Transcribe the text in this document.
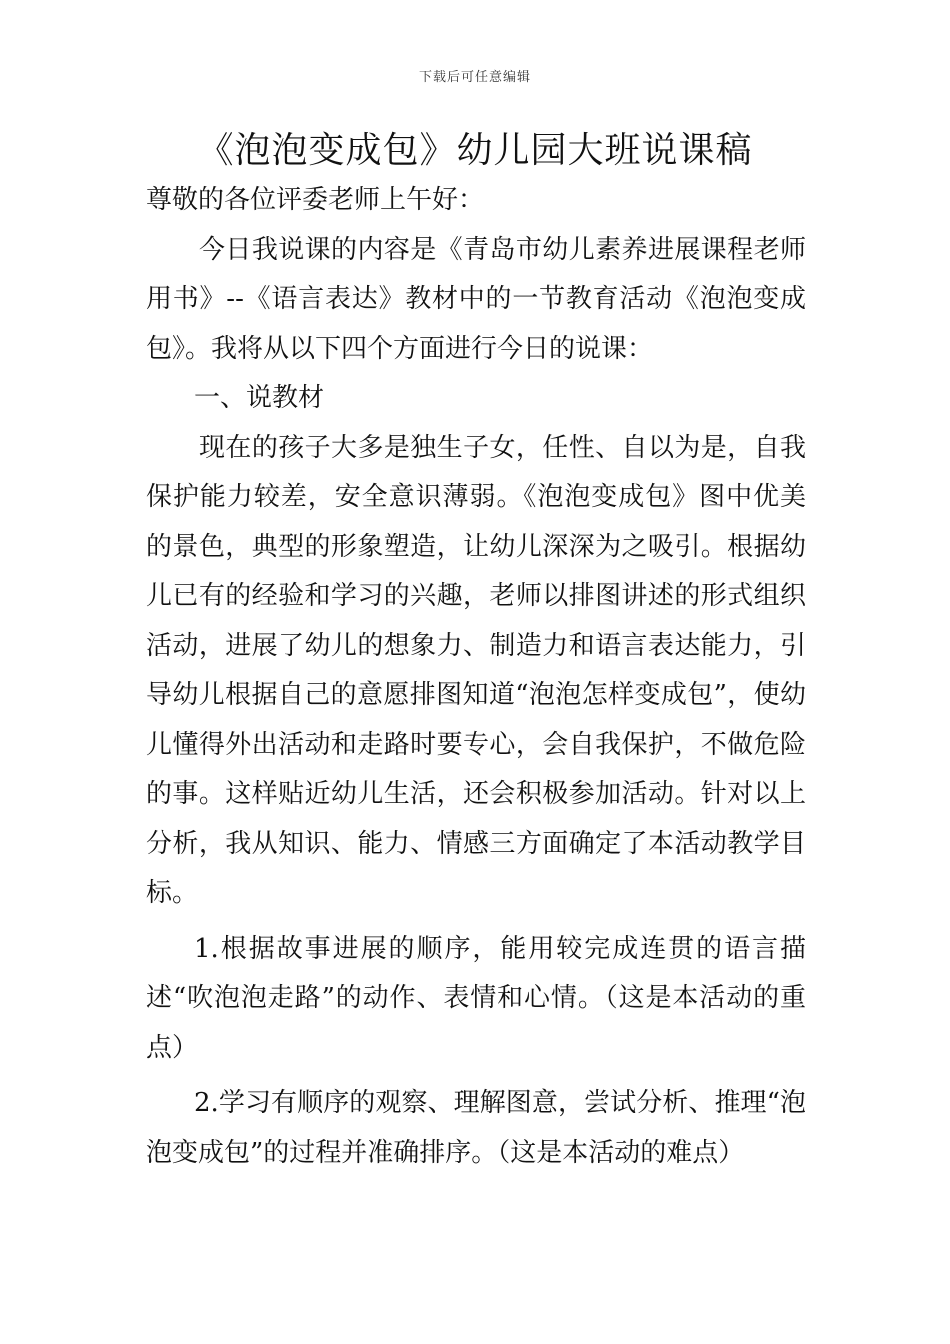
下载后可任意编辑
《泡泡变成包》幼儿园大班说课稿

尊敬的各位评委老师上午好：

今日我说课的内容是《青岛市幼儿素养进展课程老师用书》--《语言表达》教材中的一节教育活动《泡泡变成包》。我将从以下四个方面进行今日的说课：

一、说教材

现在的孩子大多是独生子女，任性、自以为是，自我保护能力较差，安全意识薄弱。《泡泡变成包》图中优美的景色，典型的形象塑造，让幼儿深深为之吸引。根据幼儿已有的经验和学习的兴趣，老师以排图讲述的形式组织活动，进展了幼儿的想象力、制造力和语言表达能力，引导幼儿根据自己的意愿排图知道“泡泡怎样变成包”，使幼儿懂得外出活动和走路时要专心，会自我保护，不做危险的事。这样贴近幼儿生活，还会积极参加活动。针对以上分析，我从知识、能力、情感三方面确定了本活动教学目标。

1.根据故事进展的顺序，能用较完成连贯的语言描述“吹泡泡走路”的动作、表情和心情。（这是本活动的重点）

2.学习有顺序的观察、理解图意，尝试分析、推理“泡泡变成包”的过程并准确排序。（这是本活动的难点）
